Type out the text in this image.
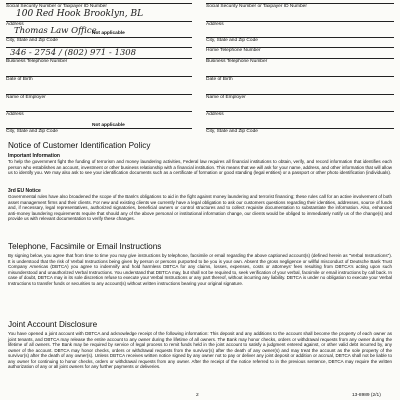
100 Red Hook Brooklyn, BL
Social Security Number or Taxpayer ID Number
Address
Thomas Law Office
Not applicable
City, State and Zip Code
346 - 2754 / (802) 971 - 1308
Business Telephone Number
Date of Birth
Name of Employer
Address
Not applicable
City, State and Zip Code
Social Security Number or Taxpayer ID Number
Address
City, State and Zip Code
Home Telephone Number
Business Telephone Number
Date of Birth
Name of Employer
Address
City, State and Zip Code
Notice of Customer Identification Policy
Important Information
To help the government fight the funding of terrorism and money laundering activities, Federal law requires all financial institutions to obtain, verify, and record information that identifies each person who establishes an account, investment or other business relationship with a financial institution. This means that we will ask for your name, address, and other information that will allow us to identify you. We may also ask to see your identification documents such as a certificate of formation or good standing (legal entities) or a passport or other photo identification (individuals).
3rd EU Notice
Governmental rules have also broadened the scope of the Bank's obligations to aid in the fight against money laundering and terrorist financing; these rules call for an active involvement of both asset management firms and their clients. For new and existing clients we currently have a legal obligation to ask our customers questions regarding their identities, addresses, source of funds and, if necessary, legal representatives, authorized signatories, beneficial owners or control structures and to collect requisite documentation to substantiate the information. Also, enhanced anti-money laundering requirements require that should any of the above personal or institutional information change, our clients would be obliged to immediately notify us of the change(s) and provide us with relevant documentation to verify these changes.
Telephone, Facsimile or Email Instructions
By signing below, you agree that from time to time you may give instructions by telephone, facsimile or email regarding the above captioned account(s) (defined herein as "Verbal Instructions"). It is understood that the risk of Verbal Instructions being given by person or persons purported to be you is your own. Absent the gross negligence or willful misconduct of Deutsche Bank Trust Company Americas (DBTCA) you agree to indemnify and hold harmless DBTCA for any claims, losses, expenses, costs or attorneys' fees resulting from DBTCA's acting upon such misunderstood and unauthorized Verbal Instructions. You understand that DBTCA may, but shall not be required to, seek verification of your verbal, facsimile or email instructions by call back. In case of doubt, DBTCA may in its sole discretion refuse to execute your Verbal Instructions or any part thereof, without incurring any liability. DBTCA is under no obligation to execute your Verbal Instructions to transfer funds or securities to any account(s) without written instructions bearing your original signature.
Joint Account Disclosure
You have opened a joint account with DBTCA and acknowledge receipt of the following information: This deposit and any additions to the account shall become the property of each owner as joint tenants, and DBTCA may release the entire account to any owner during the lifetime of all owners. The Bank may honor checks, orders or withdrawal requests from any owner during the lifetime of all owners. The Bank may be required by service of legal process to remit funds held in the joint account to satisfy a judgment entered against, or other valid debt incurred by, any owner of the account. DBTCA may honor checks, orders or withdrawal requests from the survivor(s) after the death of any owner(s) and may treat the account as the sole property of the survivor(s) after the death of any owner(s). Unless DBTCA receives written notice signed by any owner not to pay or deliver any joint deposit or addition or accrual, DBTCA shall not be liable to any owner for continuing to honor checks, orders or withdrawal requests from any owner. After the receipt of the notice referred to in the previous sentence, DBTCA may require the written authorization of any or all joint owners for any further payments or deliveries.
2	13-8989 (2/1)
